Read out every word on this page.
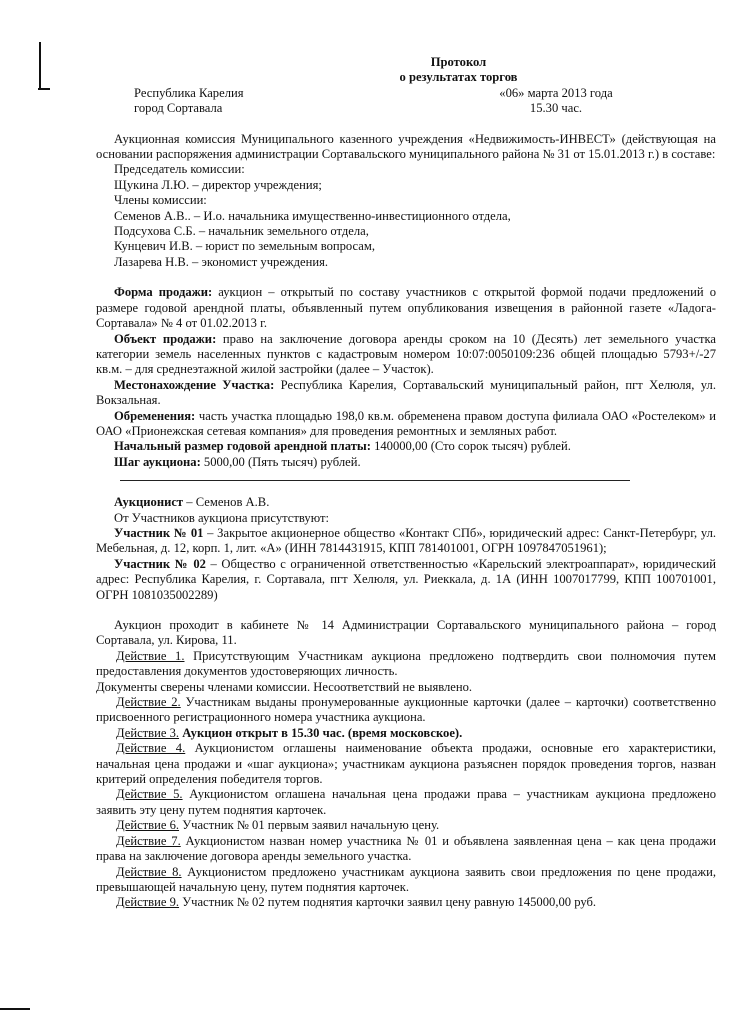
Протокол
о результатах торгов
Республика Карелия	«06» марта 2013 года
город Сортавала	15.30 час.

Аукционная комиссия Муниципального казенного учреждения «Недвижимость-ИНВЕСТ» (действующая на основании распоряжения администрации Сортавальского муниципального района № 31 от 15.01.2013 г.) в составе:

Председатель комиссии:

Щукина Л.Ю. – директор учреждения;

Члены комиссии:

Семенов А.В.. – И.о. начальника имущественно-инвестиционного отдела,

Подсухова С.Б. – начальник земельного отдела,

Кунцевич И.В. – юрист по земельным вопросам,

Лазарева Н.В. – экономист учреждения.

Форма продажи: аукцион – открытый по составу участников с открытой формой подачи предложений о размере годовой арендной платы, объявленный путем опубликования извещения в районной газете «Ладога-Сортавала» № 4 от 01.02.2013 г.

Объект продажи: право на заключение договора аренды сроком на 10 (Десять) лет земельного участка категории земель населенных пунктов с кадастровым номером 10:07:0050109:236 общей площадью 5793+/-27 кв.м. – для среднеэтажной жилой застройки (далее – Участок).

Местонахождение Участка: Республика Карелия, Сортавальский муниципальный район, пгт Хелюля, ул. Вокзальная.

Обременения: часть участка площадью 198,0 кв.м. обременена правом доступа филиала ОАО «Ростелеком» и ОАО «Прионежская сетевая компания» для проведения ремонтных и земляных работ.

Начальный размер годовой арендной платы: 140000,00 (Сто сорок тысяч) рублей.

Шаг аукциона: 5000,00 (Пять тысяч) рублей.

Аукционист – Семенов А.В.

От Участников аукциона присутствуют:

Участник № 01 – Закрытое акционерное общество «Контакт СПб», юридический адрес: Санкт-Петербург, ул. Мебельная, д. 12, корп. 1, лит. «А» (ИНН 7814431915, КПП 781401001, ОГРН 1097847051961);

Участник № 02 – Общество с ограниченной ответственностью «Карельский электроаппарат», юридический адрес: Республика Карелия, г. Сортавала, пгт Хелюля, ул. Риеккала, д. 1А (ИНН 1007017799, КПП 100701001, ОГРН 1081035002289)

Аукцион проходит в кабинете № 14 Администрации Сортавальского муниципального района – город Сортавала, ул. Кирова, 11.

Действие 1. Присутствующим Участникам аукциона предложено подтвердить свои полномочия путем предоставления документов удостоверяющих личность.

Документы сверены членами комиссии. Несоответствий не выявлено.

Действие 2. Участникам выданы пронумерованные аукционные карточки (далее – карточки) соответственно присвоенного регистрационного номера участника аукциона.

Действие 3. Аукцион открыт в 15.30 час. (время московское).

Действие 4. Аукционистом оглашены наименование объекта продажи, основные его характеристики, начальная цена продажи и «шаг аукциона»; участникам аукциона разъяснен порядок проведения торгов, назван критерий определения победителя торгов.

Действие 5. Аукционистом оглашена начальная цена продажи права – участникам аукциона предложено заявить эту цену путем поднятия карточек.

Действие 6. Участник № 01 первым заявил начальную цену.

Действие 7. Аукционистом назван номер участника № 01 и объявлена заявленная цена – как цена продажи права на заключение договора аренды земельного участка.

Действие 8. Аукционистом предложено участникам аукциона заявить свои предложения по цене продажи, превышающей начальную цену, путем поднятия карточек.

Действие 9. Участник № 02 путем поднятия карточки заявил цену равную 145000,00 руб.
